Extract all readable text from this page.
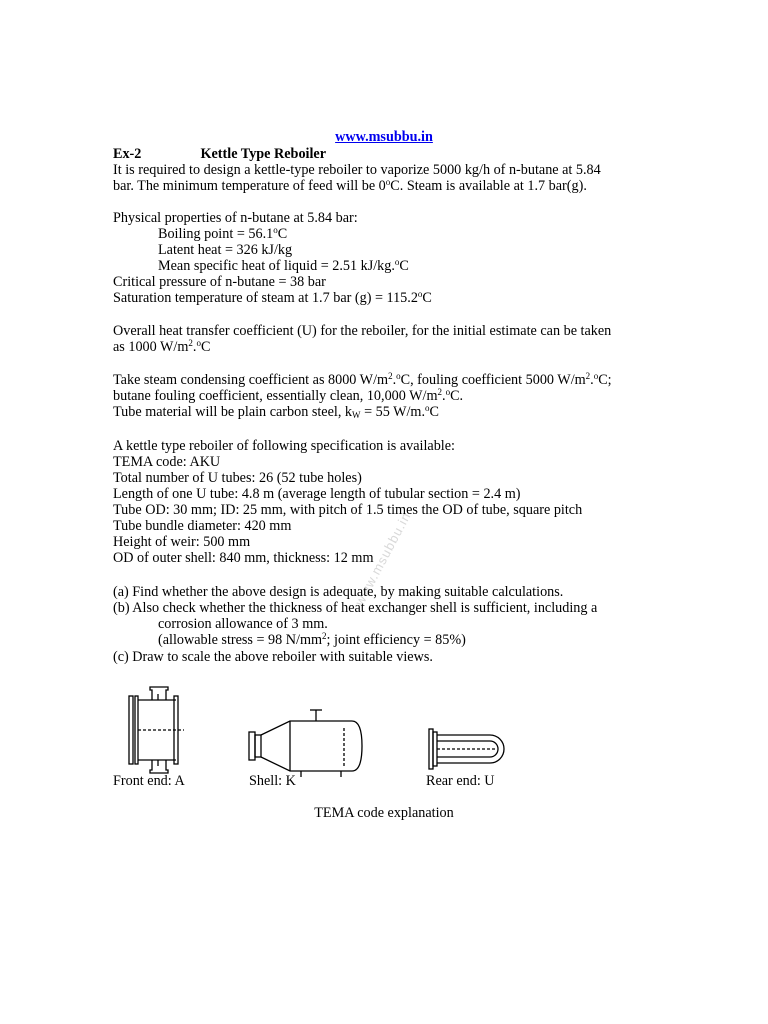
www.msubbu.in
www.msubbu.in
Ex-2	Kettle Type Reboiler
It is required to design a kettle-type reboiler to vaporize 5000 kg/h of n-butane at 5.84
bar. The minimum temperature of feed will be 0$^o$C. Steam is available at 1.7 bar(g).
Physical properties of n-butane at 5.84 bar:
Boiling point = $56.1^oC$
Latent heat = 326 kJ/kg
Mean specific heat of liquid = 2.51 kJ/kg.$^o$C
Critical pressure of n-butane = 38 bar
Saturation temperature of steam at 1.7 bar $(g) = 115.2^oC$
Overall heat transfer coefficient (U) for the reboiler, for the initial estimate can be taken
as 1000 $W/m^2.^oC$
Take steam condensing coefficient as 8000 $W/m^2.^oC$, fouling coefficient 5000 $W/m^2.^oC$;
butane fouling coefficient, essentially clean, 10,000 $W/m^2.^oC$.
Tube material will be plain carbon steel, $k_W = 55$ W/m.$^o$C
A kettle type reboiler of following specification is available:
TEMA code: AKU
Total number of U tubes: 26 (52 tube holes)
Length of one U tube: 4.8 m (average length of tubular section = 2.4 m)
Tube OD: 30 mm; ID: 25 mm, with pitch of 1.5 times the OD of tube, square pitch
Tube bundle diameter: 420 mm
Height of weir: 500 mm
OD of outer shell: 840 mm, thickness: 12 mm
(a) Find whether the above design is adequate, by making suitable calculations.
(b) Also check whether the thickness of heat exchanger shell is sufficient, including a
corrosion allowance of 3 mm.
(allowable stress = 98 $N/mm^2$; joint efficiency = 85%)
(c) Draw to scale the above reboiler with suitable views.
Front end: A	Shell: K	Rear end: U
TEMA code explanation
